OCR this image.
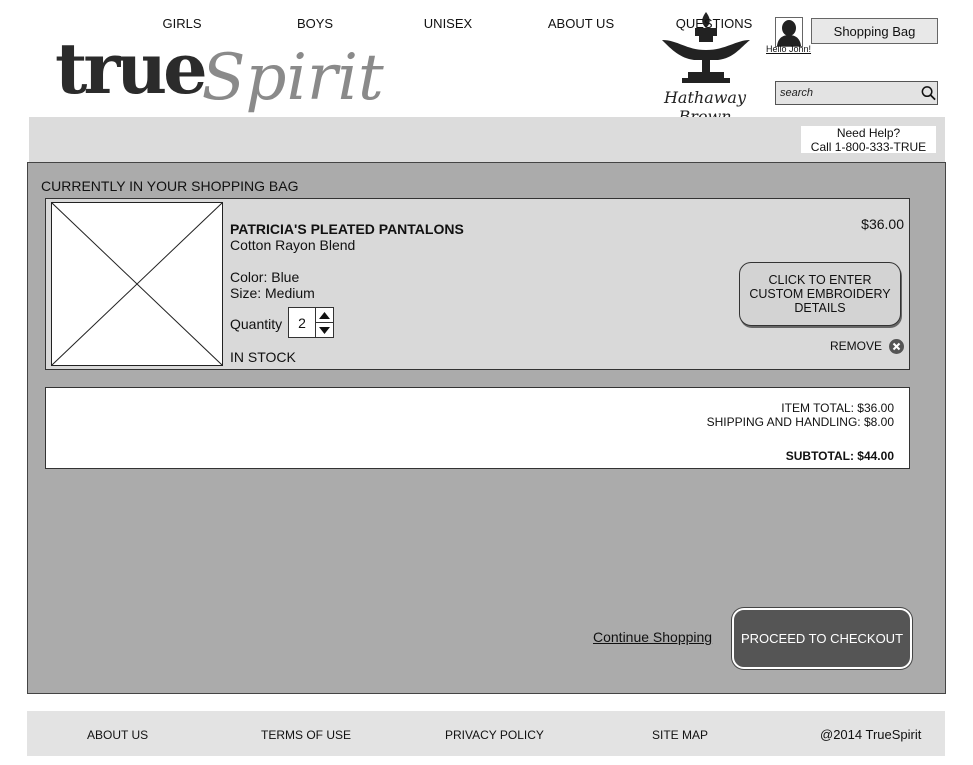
true
Spirit	Hathaway
Hello John!
Shopping Bag
search
GIRLS	BOYS	UNISEX	ABOUT US	QUESTIONS
Need Help?
Call 1-800-333-TRUE
CURRENTLY IN YOUR SHOPPING BAG
PATRICIA'S PLEATED PANTALONS
Cotton Rayon Blend
Color: Blue
Size: Medium
Quantity	2
IN STOCK
$36.00
CLICK TO ENTER CUSTOM EMBROIDERY DETAILS
REMOVE
ITEM TOTAL: $36.00
SHIPPING AND HANDLING: $8.00
SUBTOTAL: $44.00
Continue Shopping	PROCEED TO CHECKOUT
ABOUT US	TERMS OF USE	PRIVACY POLICY	SITE MAP	@2014 TrueSpirit
